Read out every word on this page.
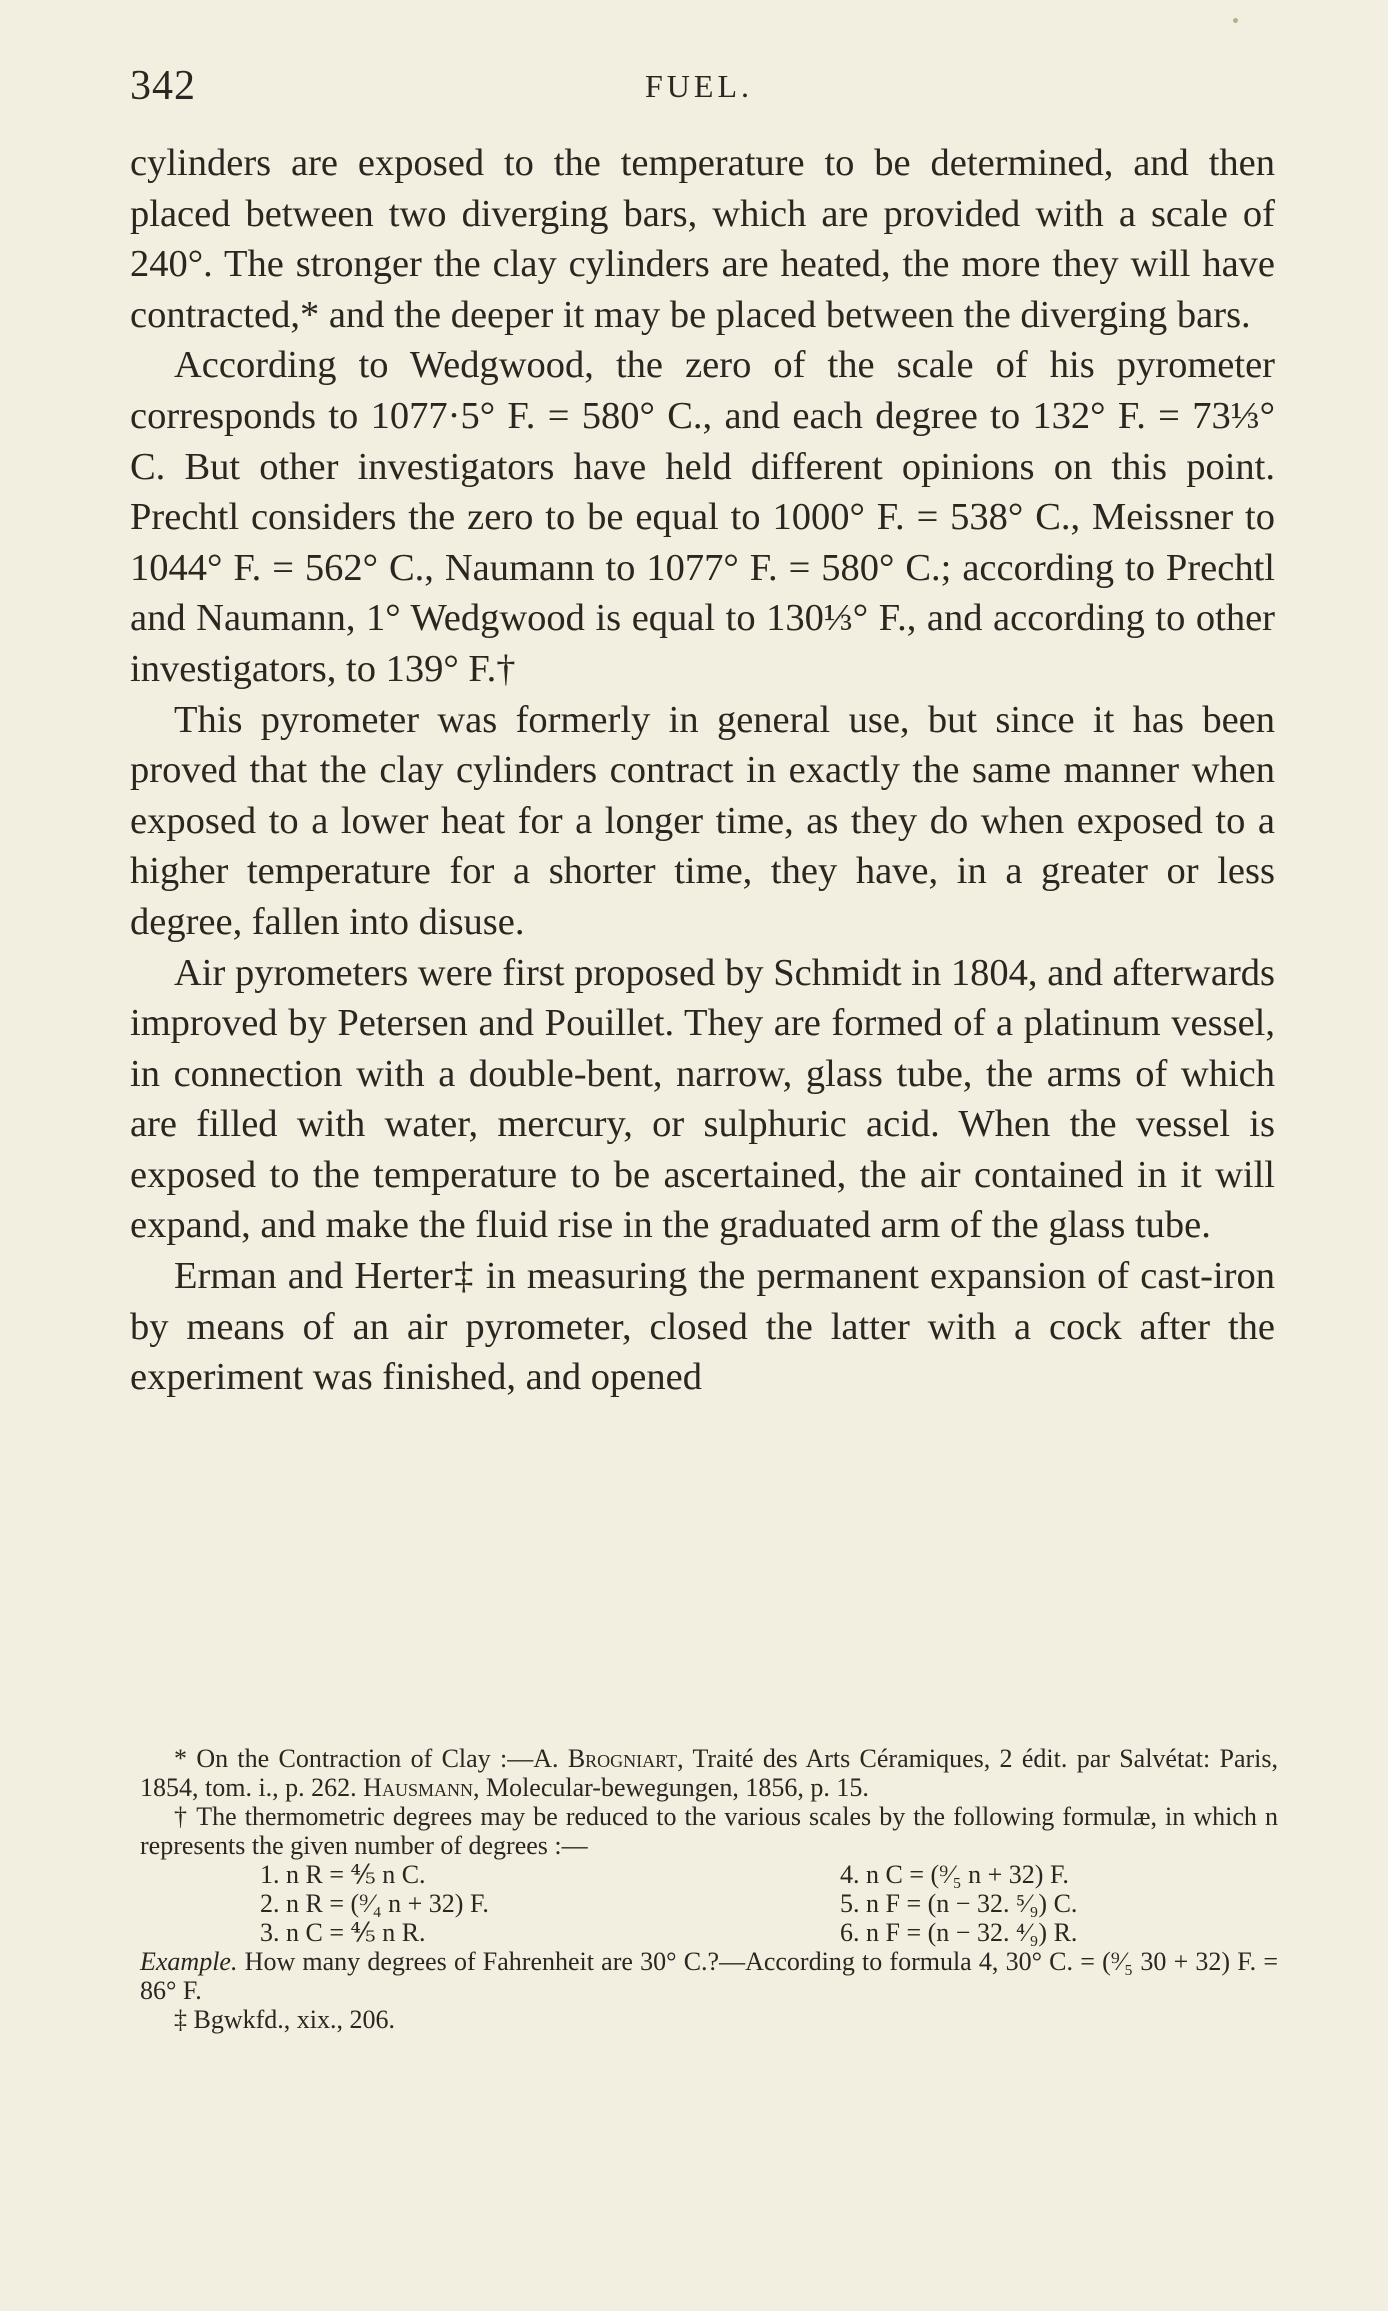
342	FUEL.

cylinders are exposed to the temperature to be determined, and then placed between two diverging bars, which are provided with a scale of 240°. The stronger the clay cylinders are heated, the more they will have contracted,* and the deeper it may be placed between the diverging bars.

According to Wedgwood, the zero of the scale of his pyrometer corresponds to 1077·5° F. = 580° C., and each degree to 132° F. = 73⅓° C. But other investigators have held different opinions on this point. Prechtl considers the zero to be equal to 1000° F. = 538° C., Meissner to 1044° F. = 562° C., Naumann to 1077° F. = 580° C.; according to Prechtl and Naumann, 1° Wedgwood is equal to 130⅓° F., and according to other investigators, to 139° F.†

This pyrometer was formerly in general use, but since it has been proved that the clay cylinders contract in exactly the same manner when exposed to a lower heat for a longer time, as they do when exposed to a higher temperature for a shorter time, they have, in a greater or less degree, fallen into disuse.

Air pyrometers were first proposed by Schmidt in 1804, and afterwards improved by Petersen and Pouillet. They are formed of a platinum vessel, in connection with a double-bent, narrow, glass tube, the arms of which are filled with water, mercury, or sulphuric acid. When the vessel is exposed to the temperature to be ascertained, the air contained in it will expand, and make the fluid rise in the graduated arm of the glass tube.

Erman and Herter‡ in measuring the permanent expansion of cast-iron by means of an air pyrometer, closed the latter with a cock after the experiment was finished, and opened

* On the Contraction of Clay :—A. Brogniart, Traité des Arts Céramiques, 2 édit. par Salvétat: Paris, 1854, tom. i., p. 262. Hausmann, Molecular-bewegungen, 1856, p. 15.

† The thermometric degrees may be reduced to the various scales by the following formulæ, in which n represents the given number of degrees :—

1. n R = ⅘ n C.	4. n C = (⁹⁄₅ n + 32) F.
2. n R = (⁹⁄₄ n + 32) F.	5. n F = (n − 32. ⁵⁄₉) C.
3. n C = ⅘ n R.	6. n F = (n − 32. ⁴⁄₉) R.

Example. How many degrees of Fahrenheit are 30° C.?—According to formula 4, 30° C. = (⁹⁄₅ 30 + 32) F. = 86° F.

‡ Bgwkfd., xix., 206.
